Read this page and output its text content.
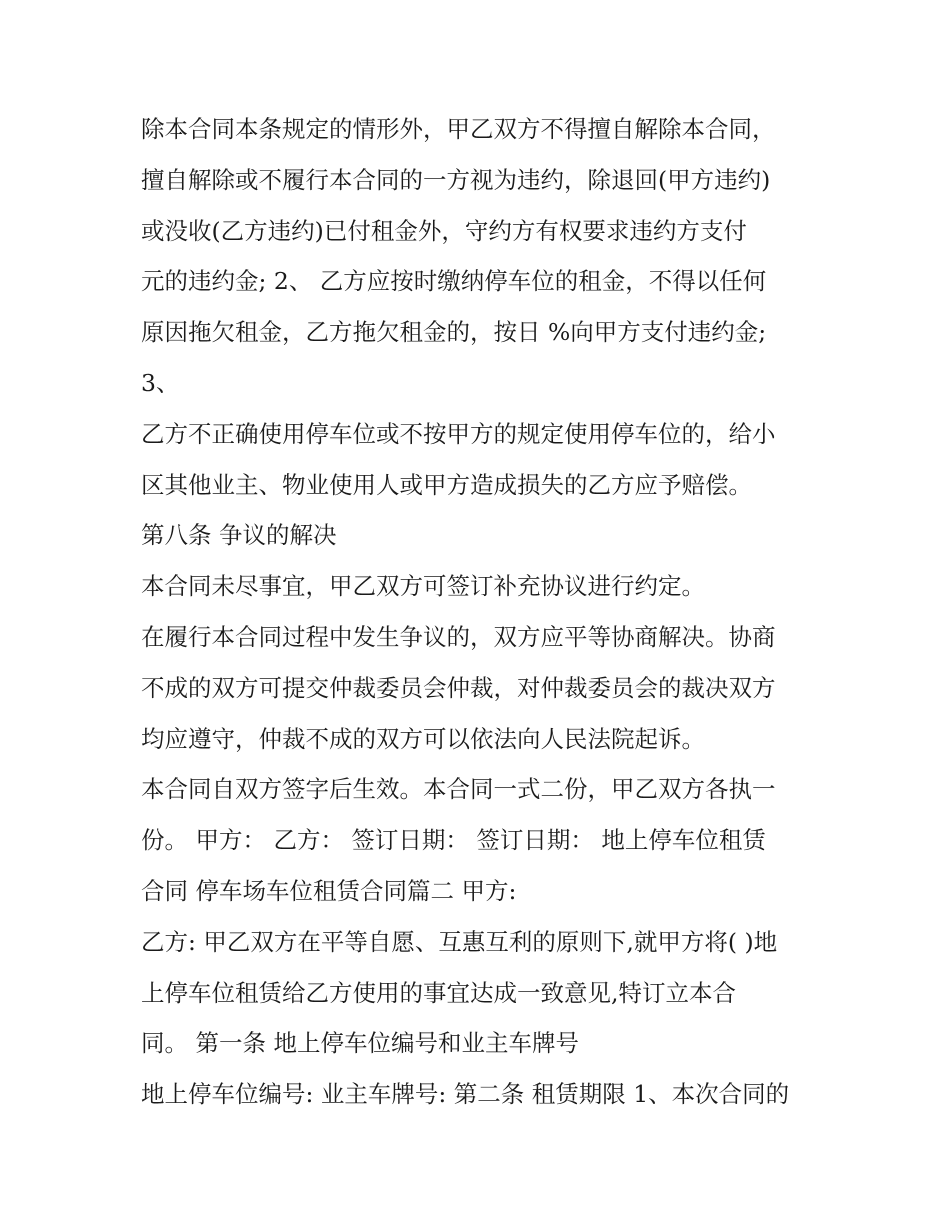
除本合同本条规定的情形外，甲乙双方不得擅自解除本合同，
擅自解除或不履行本合同的一方视为违约，除退回(甲方违约)
或没收(乙方违约)已付租金外，守约方有权要求违约方支付
元的违约金; 2、 乙方应按时缴纳停车位的租金，不得以任何
原因拖欠租金，乙方拖欠租金的，按日 %向甲方支付违约金;
3、
乙方不正确使用停车位或不按甲方的规定使用停车位的，给小
区其他业主、物业使用人或甲方造成损失的乙方应予赔偿。
第八条 争议的解决
本合同未尽事宜，甲乙双方可签订补充协议进行约定。
在履行本合同过程中发生争议的，双方应平等协商解决。协商
不成的双方可提交仲裁委员会仲裁，对仲裁委员会的裁决双方
均应遵守，仲裁不成的双方可以依法向人民法院起诉。
本合同自双方签字后生效。本合同一式二份，甲乙双方各执一
份。 甲方： 乙方： 签订日期： 签订日期： 地上停车位租赁
合同 停车场车位租赁合同篇二 甲方:
乙方: 甲乙双方在平等自愿、互惠互利的原则下,就甲方将( )地
上停车位租赁给乙方使用的事宜达成一致意见,特订立本合
同。 第一条 地上停车位编号和业主车牌号
地上停车位编号: 业主车牌号: 第二条 租赁期限 1、本次合同的
